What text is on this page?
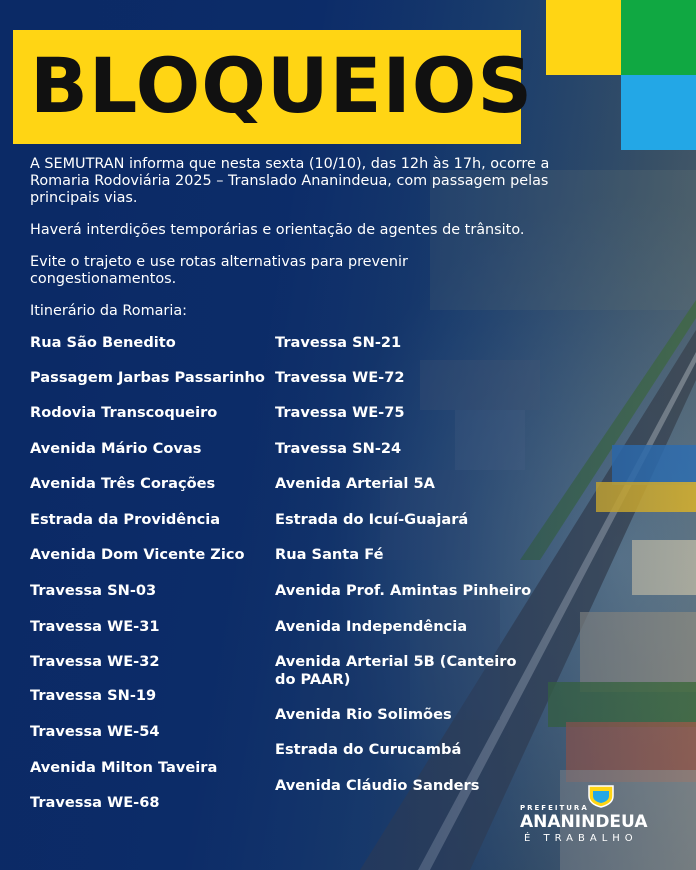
BLOQUEIOS

A SEMUTRAN informa que nesta sexta (10/10), das 12h às 17h, ocorre a Romaria Rodoviária 2025 – Translado Ananindeua, com passagem pelas principais vias.

Haverá interdições temporárias e orientação de agentes de trânsito.

Evite o trajeto e use rotas alternativas para prevenir congestionamentos.

Itinerário da Romaria:

Rua São Benedito
Passagem Jarbas Passarinho
Rodovia Transcoqueiro
Avenida Mário Covas
Avenida Três Corações
Estrada da Providência
Avenida Dom Vicente Zico
Travessa SN-03
Travessa WE-31
Travessa WE-32
Travessa SN-19
Travessa WE-54
Avenida Milton Taveira
Travessa WE-68
Travessa SN-21
Travessa WE-72
Travessa WE-75
Travessa SN-24
Avenida Arterial 5A
Estrada do Icuí-Guajará
Rua Santa Fé
Avenida Prof. Amintas Pinheiro
Avenida Independência
Avenida Arterial 5B (Canteiro do PAAR)
Avenida Rio Solimões
Estrada do Curucambá
Avenida Cláudio Sanders
PREFEITURA
ANANINDEUA
É TRABALHO
